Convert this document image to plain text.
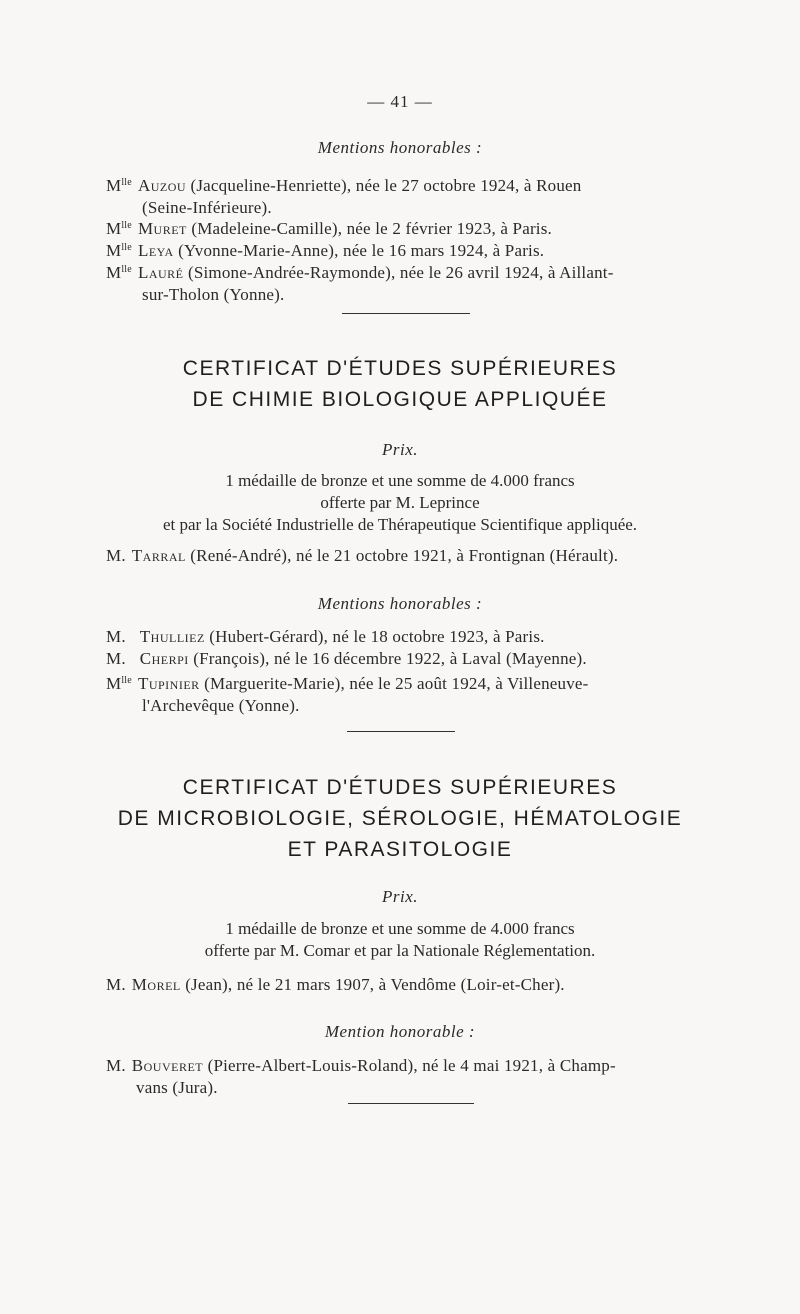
— 41 —
Mentions honorables :
$M^{lle}$ Auzou (Jacqueline-Henriette), née le 27 octobre 1924, à Rouen
(Seine-Inférieure).
$M^{lle}$ Muret (Madeleine-Camille), née le 2 février 1923, à Paris.
$M^{lle}$ Leya (Yvonne-Marie-Anne), née le 16 mars 1924, à Paris.
$M^{lle}$ Lauré (Simone-Andrée-Raymonde), née le 26 avril 1924, à Aillant-
sur-Tholon (Yonne).
CERTIFICAT D'ÉTUDES SUPÉRIEURES
DE CHIMIE BIOLOGIQUE APPLIQUÉE
Prix.
1 médaille de bronze et une somme de 4.000 francs
offerte par M. Leprince
et par la Société Industrielle de Thérapeutique Scientifique appliquée.
M. Tarral (René-André), né le 21 octobre 1921, à Frontignan (Hérault).
Mentions honorables :
M. Thulliez (Hubert-Gérard), né le 18 octobre 1923, à Paris.
M. Cherpi (François), né le 16 décembre 1922, à Laval (Mayenne).
$M^{lle}$ Tupinier (Marguerite-Marie), née le 25 août 1924, à Villeneuve-
l'Archevêque (Yonne).
CERTIFICAT D'ÉTUDES SUPÉRIEURES
DE MICROBIOLOGIE, SÉROLOGIE, HÉMATOLOGIE
ET PARASITOLOGIE
Prix.
1 médaille de bronze et une somme de 4.000 francs
offerte par M. Comar et par la Nationale Réglementation.
M. Morel (Jean), né le 21 mars 1907, à Vendôme (Loir-et-Cher).
Mention honorable :
M. Bouveret (Pierre-Albert-Louis-Roland), né le 4 mai 1921, à Champ-
vans (Jura).
